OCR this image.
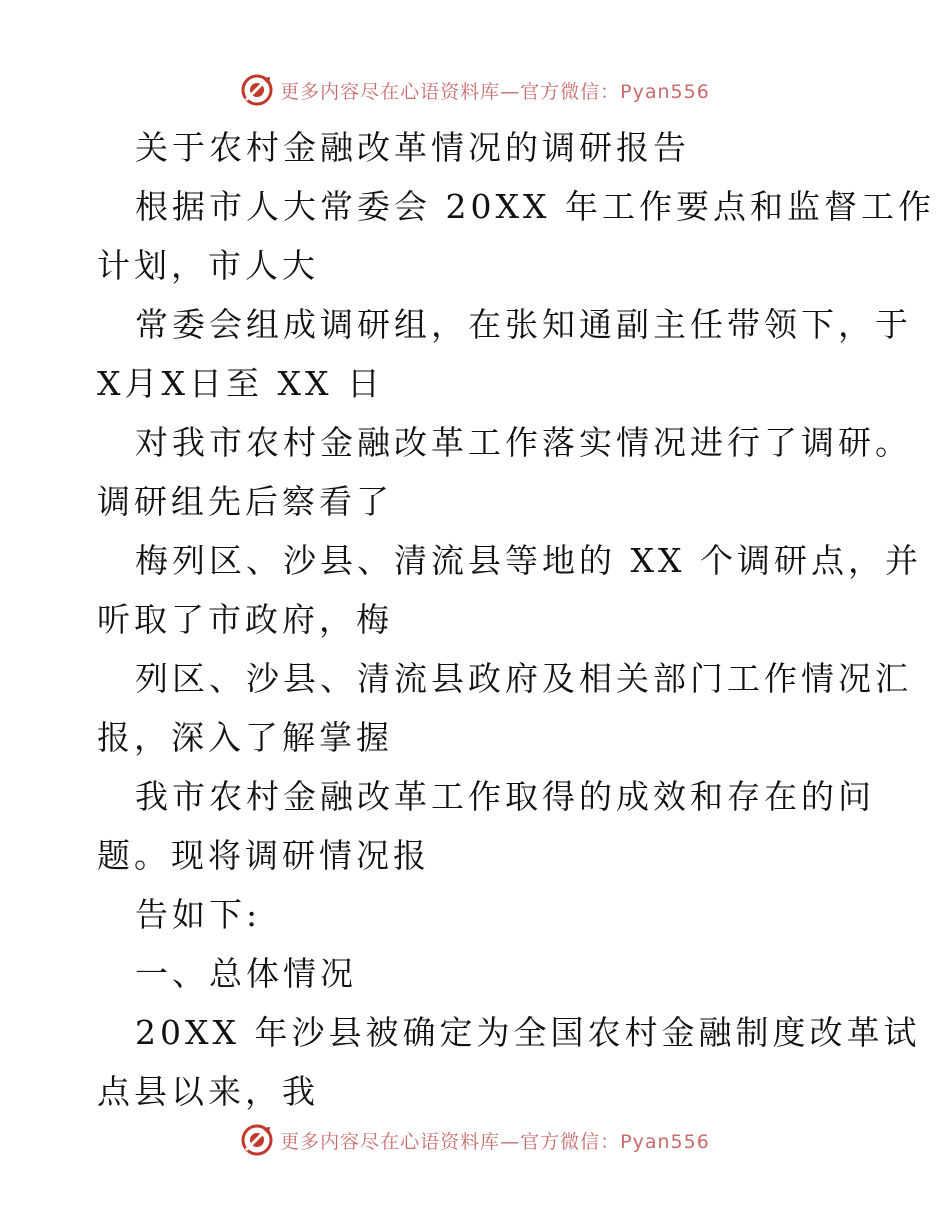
更多内容尽在心语资料库—官方微信：Pyan556
关于农村金融改革情况的调研报告
根据市人大常委会 20XX 年工作要点和监督工作
计划，市人大
常委会组成调研组，在张知通副主任带领下，于
X月X日至 XX 日
对我市农村金融改革工作落实情况进行了调研。
调研组先后察看了
梅列区、沙县、清流县等地的 XX 个调研点，并
听取了市政府，梅
列区、沙县、清流县政府及相关部门工作情况汇
报，深入了解掌握
我市农村金融改革工作取得的成效和存在的问
题。现将调研情况报
告如下:
一、总体情况
20XX 年沙县被确定为全国农村金融制度改革试
点县以来，我
更多内容尽在心语资料库—官方微信：Pyan556
